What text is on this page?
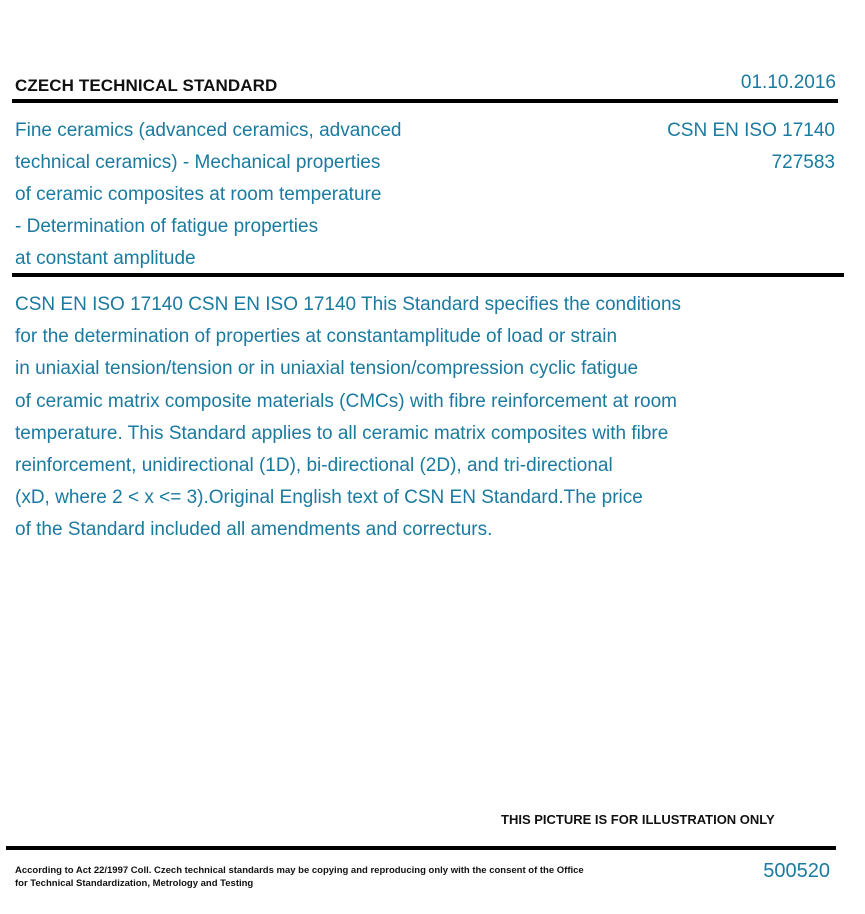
CZECH TECHNICAL STANDARD	01.10.2016
Fine ceramics (advanced ceramics, advanced
technical ceramics) - Mechanical properties
of ceramic composites at room temperature
- Determination of fatigue properties
at constant amplitude
CSN EN ISO 17140
727583
CSN EN ISO 17140 CSN EN ISO 17140 This Standard specifies the conditions
for the determination of properties at constantamplitude of load or strain
in uniaxial tension/tension or in uniaxial tension/compression cyclic fatigue
of ceramic matrix composite materials (CMCs) with fibre reinforcement at room
temperature. This Standard applies to all ceramic matrix composites with fibre
reinforcement, unidirectional (1D), bi-directional (2D), and tri-directional
(xD, where 2 < x <= 3).Original English text of CSN EN Standard.The price
of the Standard included all amendments and correcturs.
THIS PICTURE IS FOR ILLUSTRATION ONLY
According to Act 22/1997 Coll. Czech technical standards may be copying and reproducing only with the consent of the Office
for Technical Standardization, Metrology and Testing
500520
